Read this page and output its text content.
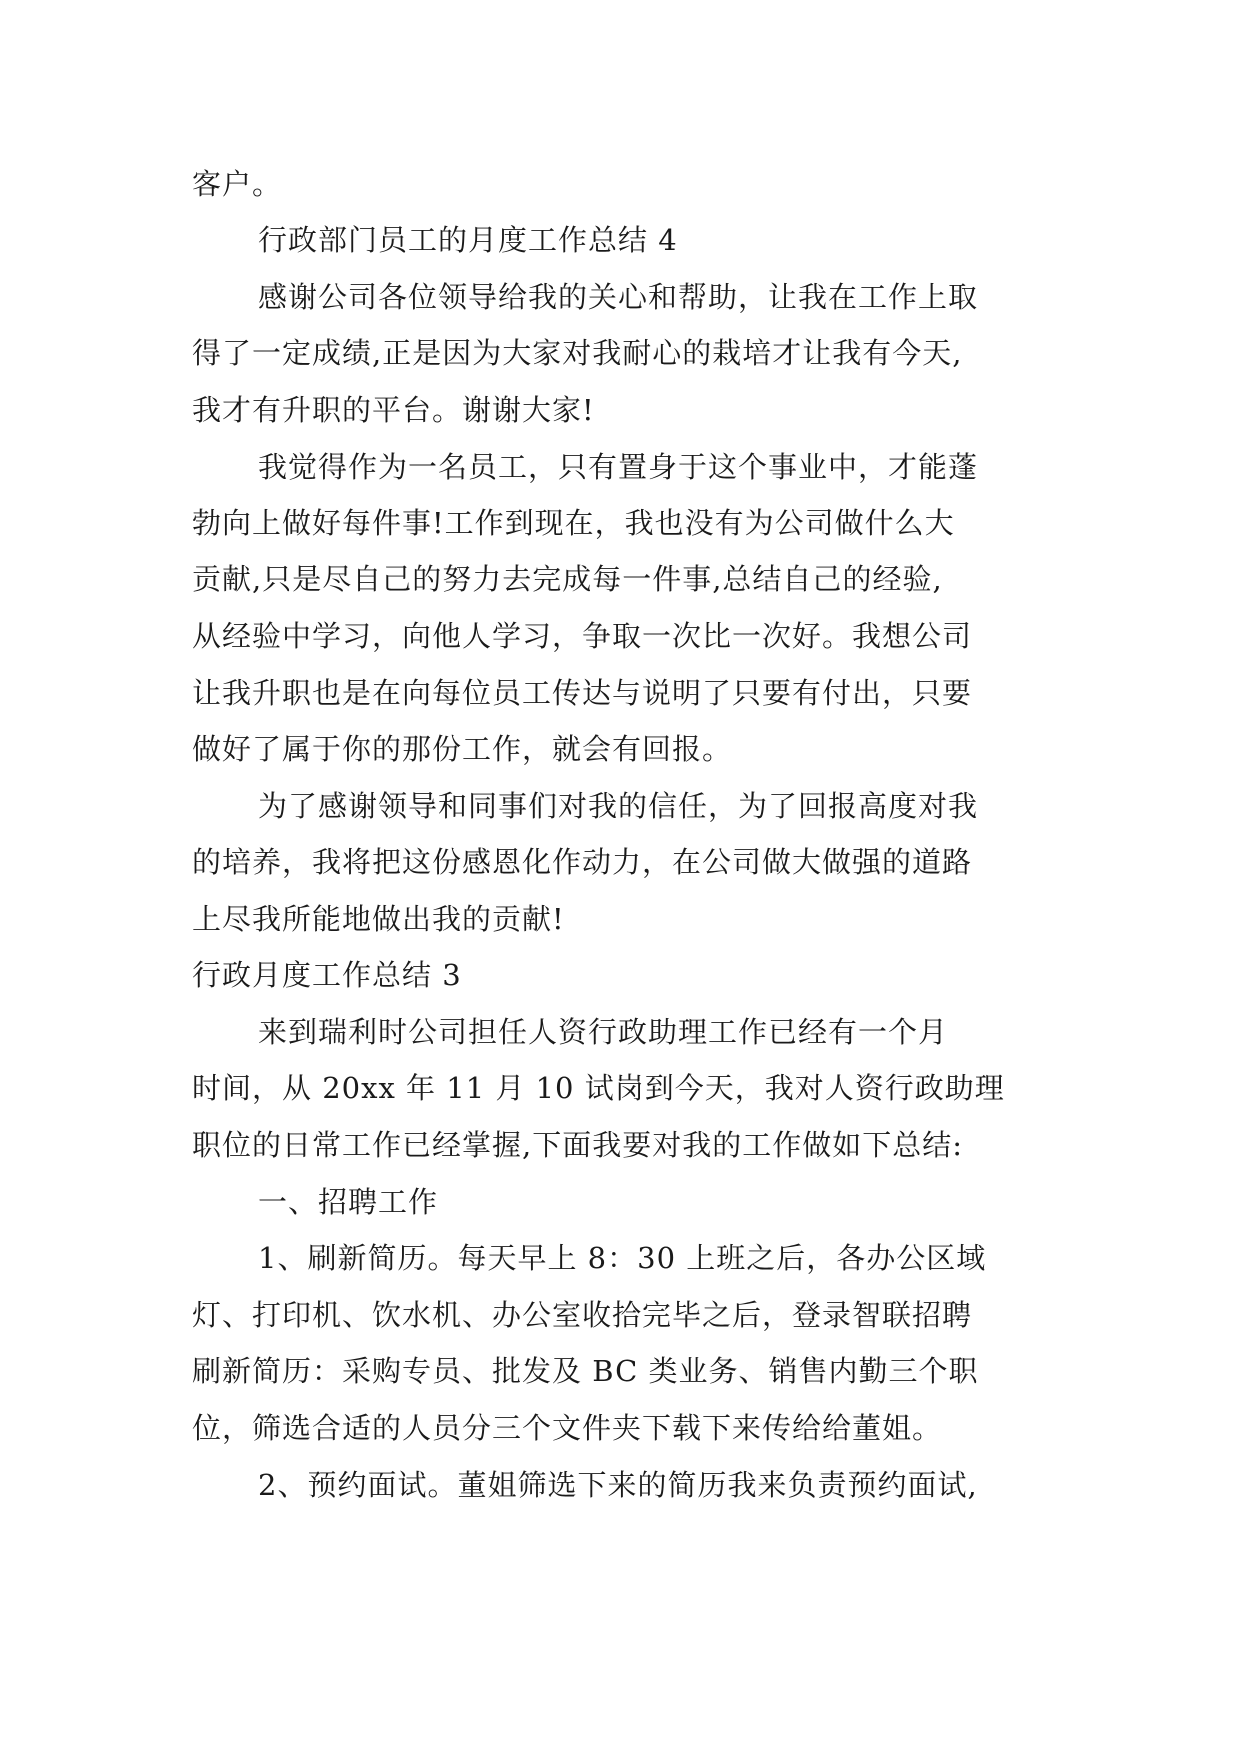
客户。
行政部门员工的月度工作总结 4
感谢公司各位领导给我的关心和帮助，让我在工作上取
得了一定成绩,正是因为大家对我耐心的栽培才让我有今天,
我才有升职的平台。谢谢大家!
我觉得作为一名员工，只有置身于这个事业中，才能蓬
勃向上做好每件事!工作到现在，我也没有为公司做什么大
贡献,只是尽自己的努力去完成每一件事,总结自己的经验,
从经验中学习，向他人学习，争取一次比一次好。我想公司
让我升职也是在向每位员工传达与说明了只要有付出，只要
做好了属于你的那份工作，就会有回报。
为了感谢领导和同事们对我的信任，为了回报高度对我
的培养，我将把这份感恩化作动力，在公司做大做强的道路
上尽我所能地做出我的贡献!
行政月度工作总结 3
来到瑞利时公司担任人资行政助理工作已经有一个月
时间，从 20xx 年 11 月 10 试岗到今天，我对人资行政助理
职位的日常工作已经掌握,下面我要对我的工作做如下总结:
一、招聘工作
1、刷新简历。每天早上 8：30 上班之后，各办公区域
灯、打印机、饮水机、办公室收拾完毕之后，登录智联招聘
刷新简历：采购专员、批发及 BC 类业务、销售内勤三个职
位，筛选合适的人员分三个文件夹下载下来传给给董姐。
2、预约面试。董姐筛选下来的简历我来负责预约面试,
